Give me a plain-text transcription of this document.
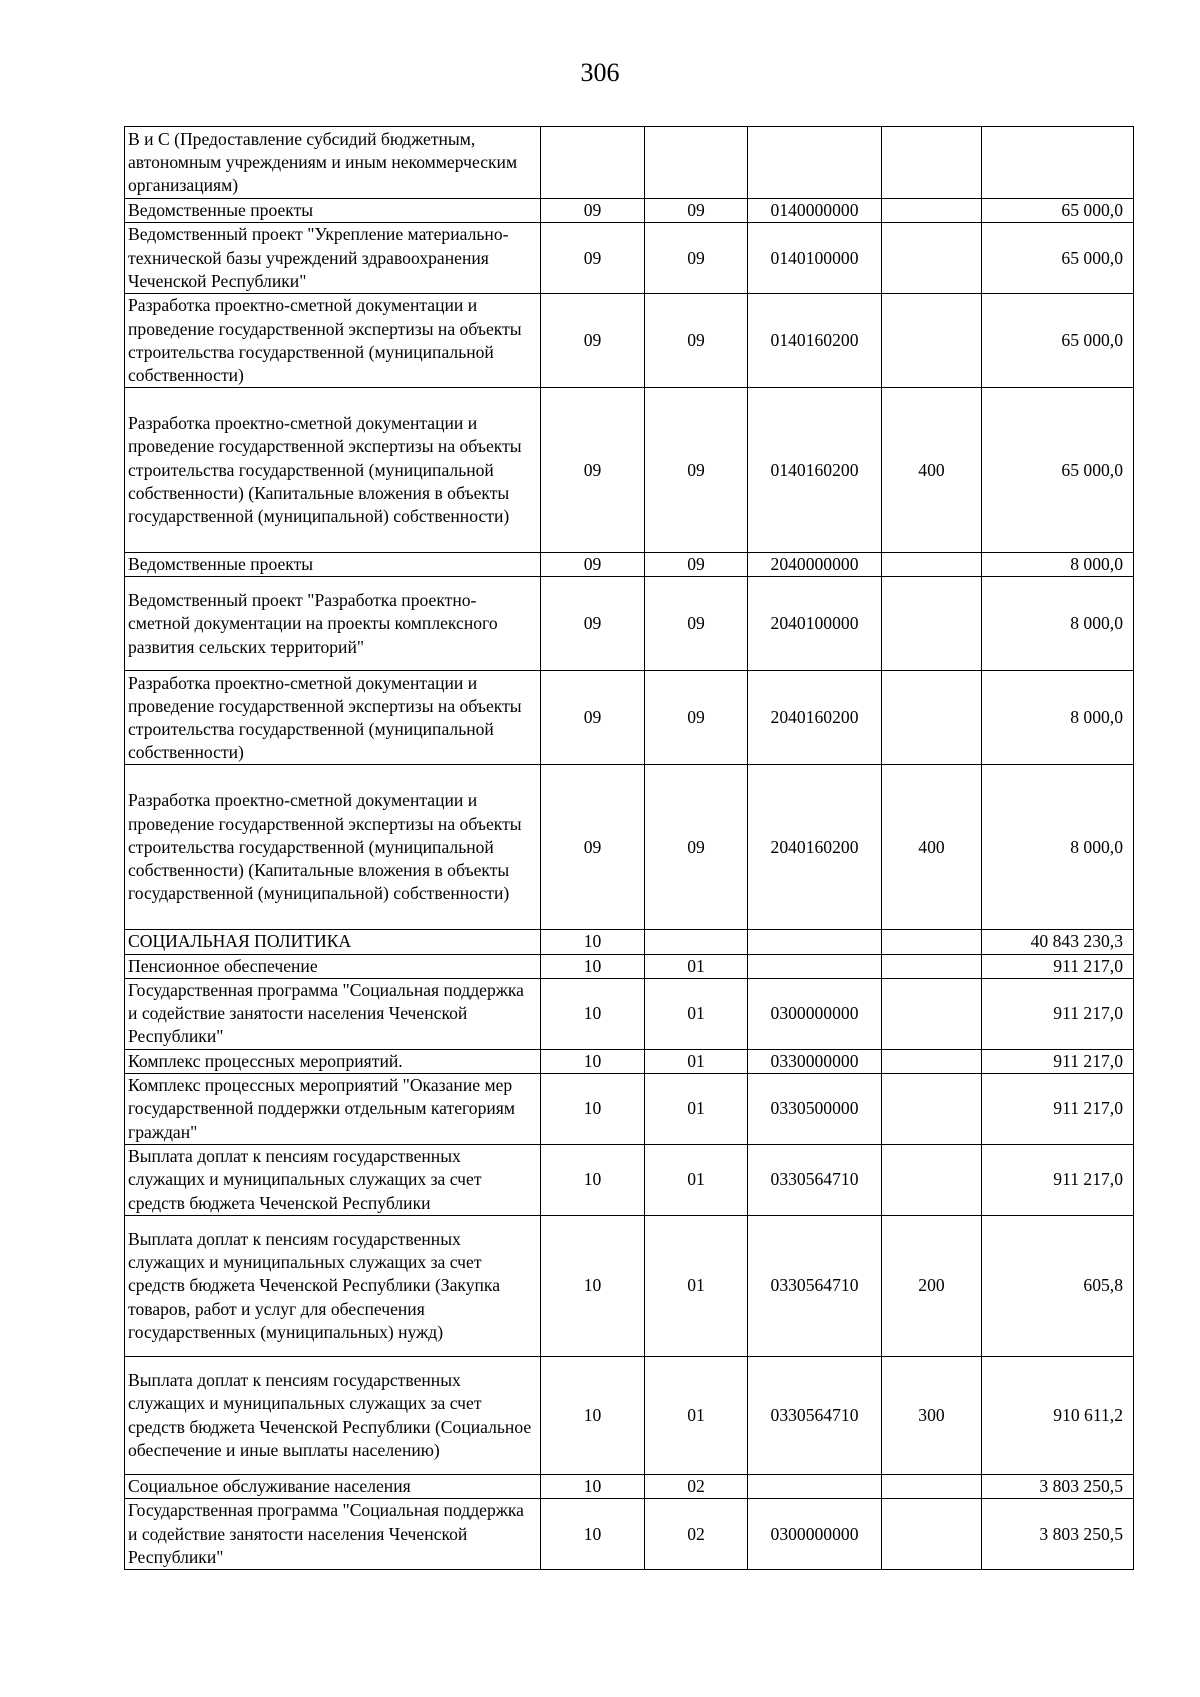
306
В и С (Предоставление субсидий бюджетным, автономным учреждениям и иным некоммерческим организациям)					
Ведомственные проекты	09	09	0140000000		65 000,0
Ведомственный проект "Укрепление материально-технической базы учреждений здравоохранения Чеченской Республики"	09	09	0140100000		65 000,0
Разработка проектно-сметной документации и проведение государственной экспертизы на объекты строительства государственной (муниципальной собственности)	09	09	0140160200		65 000,0
Разработка проектно-сметной документации и проведение государственной экспертизы на объекты строительства государственной (муниципальной собственности) (Капитальные вложения в объекты государственной (муниципальной) собственности)	09	09	0140160200	400	65 000,0
Ведомственные проекты	09	09	2040000000		8 000,0
Ведомственный проект "Разработка проектно-сметной документации на проекты комплексного развития сельских территорий"	09	09	2040100000		8 000,0
Разработка проектно-сметной документации и проведение государственной экспертизы на объекты строительства государственной (муниципальной собственности)	09	09	2040160200		8 000,0
Разработка проектно-сметной документации и проведение государственной экспертизы на объекты строительства государственной (муниципальной собственности) (Капитальные вложения в объекты государственной (муниципальной) собственности)	09	09	2040160200	400	8 000,0
СОЦИАЛЬНАЯ ПОЛИТИКА	10				40 843 230,3
Пенсионное обеспечение	10	01			911 217,0
Государственная программа "Социальная поддержка и содействие занятости населения Чеченской Республики"	10	01	0300000000		911 217,0
Комплекс процессных мероприятий.	10	01	0330000000		911 217,0
Комплекс процессных мероприятий "Оказание мер государственной поддержки отдельным категориям граждан"	10	01	0330500000		911 217,0
Выплата доплат к пенсиям государственных служащих и муниципальных служащих за счет средств бюджета Чеченской Республики	10	01	0330564710		911 217,0
Выплата доплат к пенсиям государственных служащих и муниципальных служащих за счет средств бюджета Чеченской Республики (Закупка товаров, работ и услуг для обеспечения государственных (муниципальных) нужд)	10	01	0330564710	200	605,8
Выплата доплат к пенсиям государственных служащих и муниципальных служащих за счет средств бюджета Чеченской Республики (Социальное обеспечение и иные выплаты населению)	10	01	0330564710	300	910 611,2
Социальное обслуживание населения	10	02			3 803 250,5
Государственная программа "Социальная поддержка и содействие занятости населения Чеченской Республики"	10	02	0300000000		3 803 250,5
